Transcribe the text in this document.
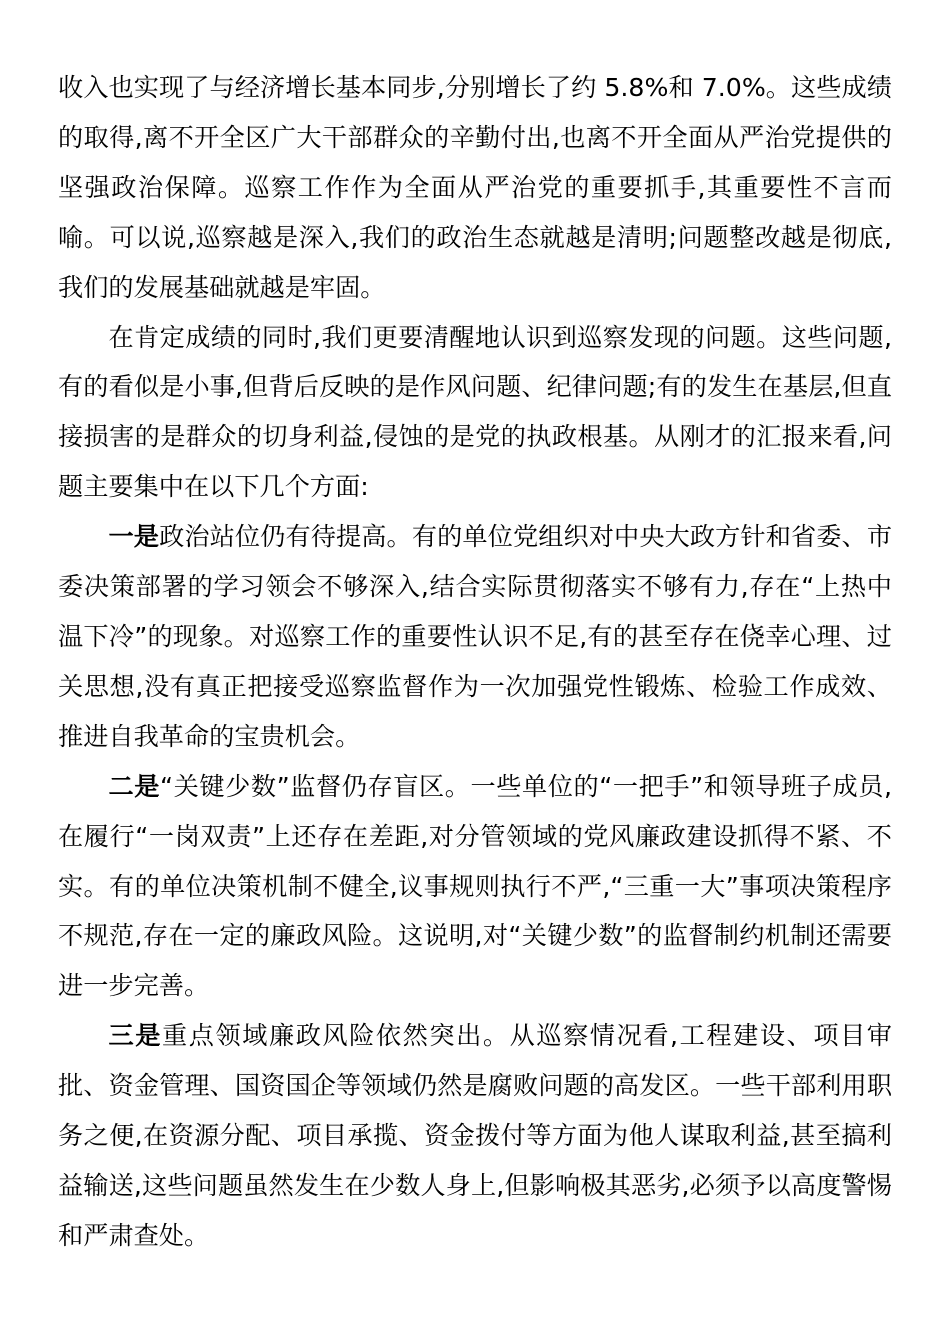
收入也实现了与经济增长基本同步,分别增长了约 5.8%和 7.0%。这些成绩的取得,离不开全区广大干部群众的辛勤付出,也离不开全面从严治党提供的坚强政治保障。巡察工作作为全面从严治党的重要抓手,其重要性不言而喻。可以说,巡察越是深入,我们的政治生态就越是清明;问题整改越是彻底,我们的发展基础就越是牢固。

在肯定成绩的同时,我们更要清醒地认识到巡察发现的问题。这些问题,有的看似是小事,但背后反映的是作风问题、纪律问题;有的发生在基层,但直接损害的是群众的切身利益,侵蚀的是党的执政根基。从刚才的汇报来看,问题主要集中在以下几个方面:

一是政治站位仍有待提高。有的单位党组织对中央大政方针和省委、市委决策部署的学习领会不够深入,结合实际贯彻落实不够有力,存在“上热中温下冷”的现象。对巡察工作的重要性认识不足,有的甚至存在侥幸心理、过关思想,没有真正把接受巡察监督作为一次加强党性锻炼、检验工作成效、推进自我革命的宝贵机会。

二是“关键少数”监督仍存盲区。一些单位的“一把手”和领导班子成员,在履行“一岗双责”上还存在差距,对分管领域的党风廉政建设抓得不紧、不实。有的单位决策机制不健全,议事规则执行不严,“三重一大”事项决策程序不规范,存在一定的廉政风险。这说明,对“关键少数”的监督制约机制还需要进一步完善。

三是重点领域廉政风险依然突出。从巡察情况看,工程建设、项目审批、资金管理、国资国企等领域仍然是腐败问题的高发区。一些干部利用职务之便,在资源分配、项目承揽、资金拨付等方面为他人谋取利益,甚至搞利益输送,这些问题虽然发生在少数人身上,但影响极其恶劣,必须予以高度警惕和严肃查处。
